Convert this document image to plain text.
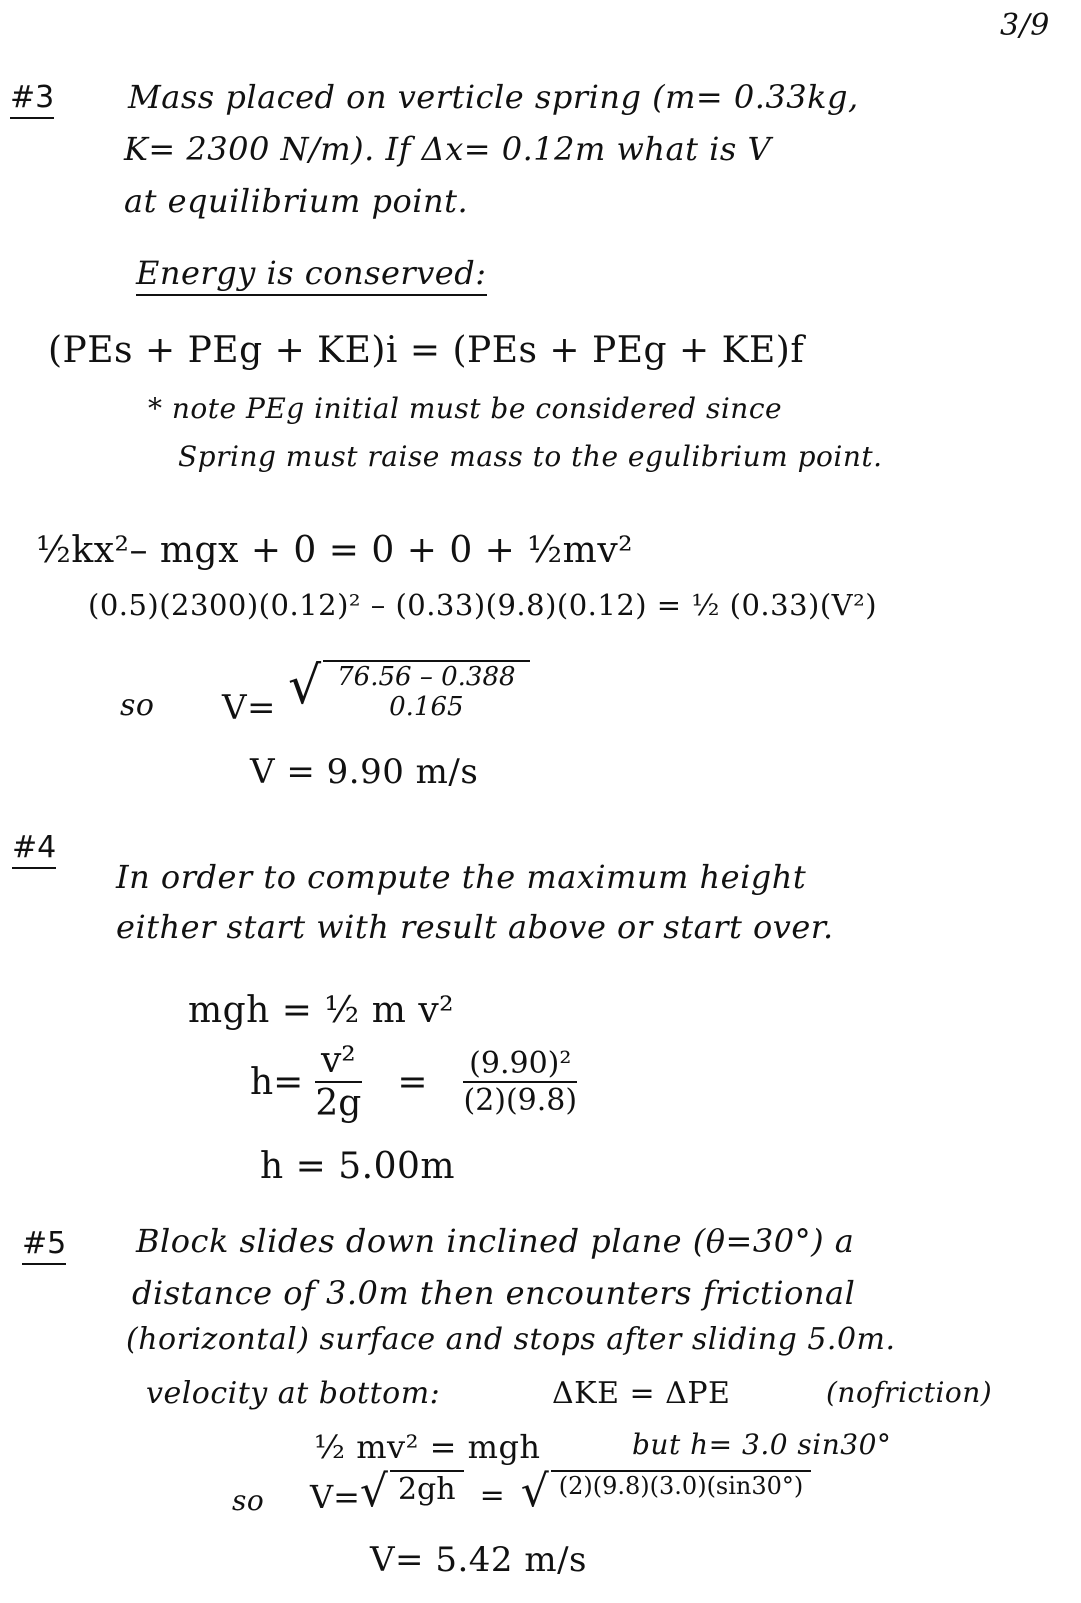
3/9
#3 Mass placed on verticle spring (m= 0.33kg,
K= 2300 N/m). If Δx= 0.12m what is V
at equilibrium point.
Energy is conserved:
(PEs + PEg + KE)i = (PEs + PEg + KE)f
* note PEg initial must be considered since
Spring must raise mass to the egulibrium point.
½kx²– mgx + 0 = 0 + 0 + ½mv²
(0.5)(2300)(0.12)² – (0.33)(9.8)(0.12) = ½ (0.33)(V²)
so V= √ 76.56 – 0.388
0.165
V = 9.90 m/s
#4
In order to compute the maximum height
either start with result above or start over.
mgh = ½ m v²
$h= \frac{\text{v²}}{2g} = \frac{\text{(9.90)²}}{(2)(9.8)}$
h = 5.00m
#5 Block slides down inclined plane (θ=30°) a
distance of 3.0m then encounters frictional
(horizontal) surface and stops after sliding 5.0m.
velocity at bottom:	ΔKE = ΔPE	(nofriction)
½ mv² = mgh	but h= 3.0 sin30°
so V= √ 2gh = √ (2)(9.8)(3.0)(sin30°)
V= 5.42 m/s
